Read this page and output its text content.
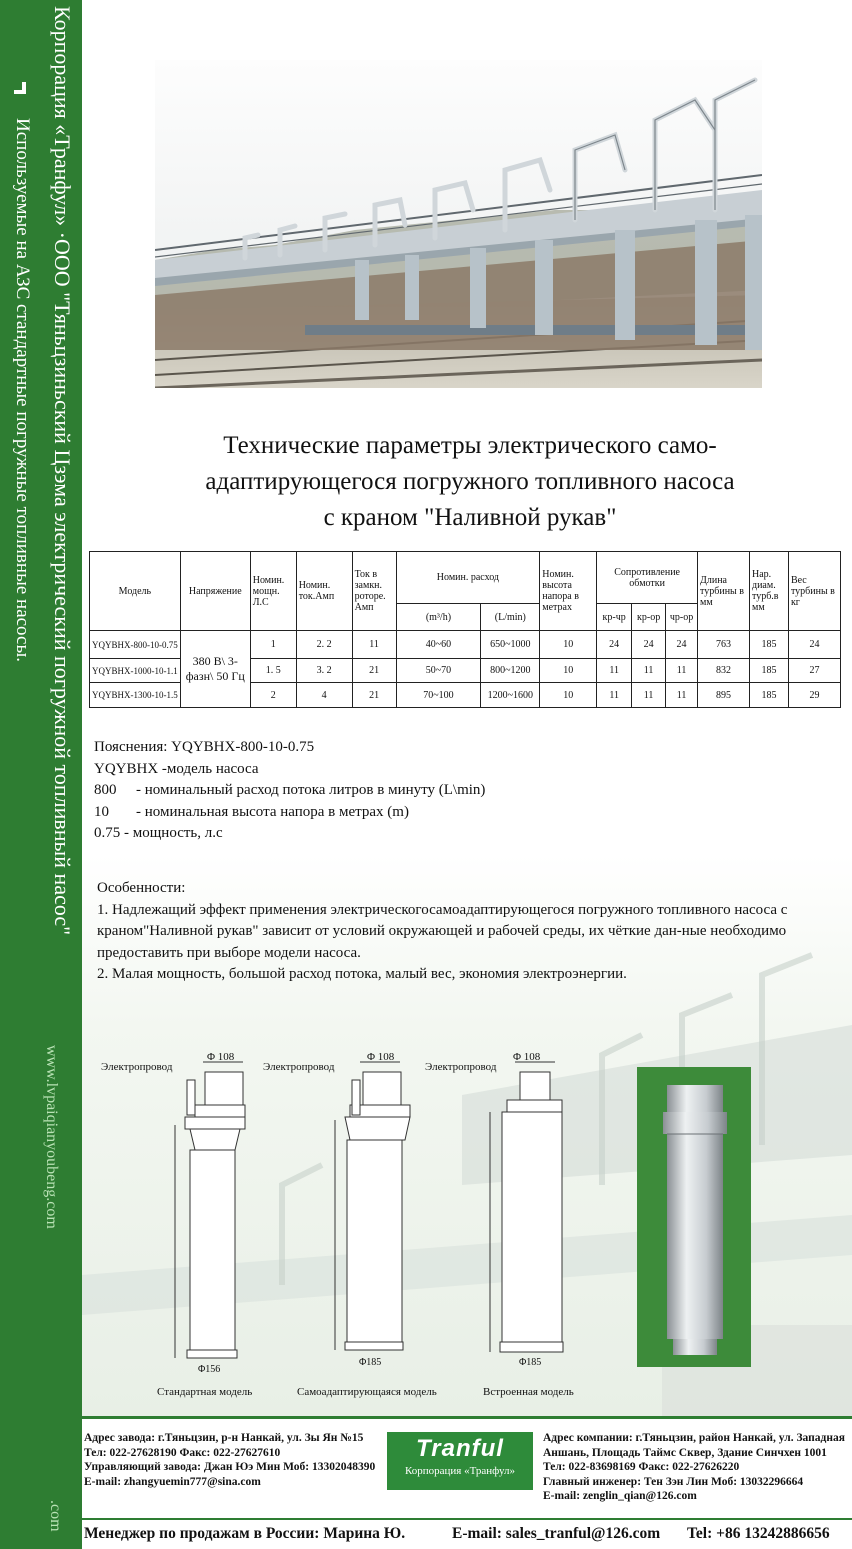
Корпорация «Транфул» ·ООО "Тяньцзиньский Цзэма электрический погружной топливный насос"
Используемые на АЗС стандартные погружные топливные насосы.
www.lvpaiqianyoubeng.com
.com
Технические параметры электрического само-
адаптирующегося погружного топливного насоса
с краном "Наливной рукав"
Модель	Напряжение	Номин. мощн. Л.С	Номин. ток.Амп	Ток в замкн. роторе. Амп	Номин. расход		Номин. высота напора в метрах	Сопротивление обмотки			Длина турбины в мм	Нар. диам. турб.в мм	Вес турбины в кг
					(m³/h)	(L/min)		кр-чр	кр-ор	чр-ор			
YQYBHX-800-10-0.75	380 В\ 3-фазн\ 50 Гц	1	2. 2	11	40~60	650~1000	10	24	24	24	763	185	24
YQYBHX-1000-10-1.1		1. 5	3. 2	21	50~70	800~1200	10	11	11	11	832	185	27
YQYBHX-1300-10-1.5		2	4	21	70~100	1200~1600	10	11	11	11	895	185	29
Пояснения: YQYBHX-800-10-0.75
YQYBHX -модель насоса
800 - номинальный расход потока литров в минуту (L\min)
10 - номинальная высота напора в метрах (m)
0.75 - мощность, л.с
Особенности:
1. Надлежащий эффект применения электрическогосамоадаптирующегося погружного топливного насоса с краном"Наливной рукав" зависит от условий окружающей и рабочей среды, их чёткие дан-ные необходимо предоставить при выборе модели насоса.
2. Малая мощность, большой расход потока, малый вес, экономия электроэнергии.
Электропровод
Φ 108
Φ156
Стандартная модель
Электропровод
Φ 108
Φ185
Самоадаптирующаяся модель
Электропровод
Φ 108
Φ185
Встроенная модель
Адрес завода: г.Тяньцзин, р-н Нанкай, ул. Зы Ян №15
Тел: 022-27628190 Факс: 022-27627610
Управляющий завода: Джан Юэ Мин Моб: 13302048390
E-mail: zhangyuemin777@sina.com
Tranful
Корпорация «Транфул»
Адрес компании: г.Тяньцзин, район Нанкай, ул. Западная Аншань, Площадь Таймс Сквер, Здание Синчхен 1001
Тел: 022-83698169 Факс: 022-27626220
Главный инженер: Тен Зэн Лин Моб: 13032296664
E-mail: zenglin_qian@126.com
Менеджер по продажам в России: Марина Ю.	E-mail: sales_tranful@126.com Tel: +86 13242886656
